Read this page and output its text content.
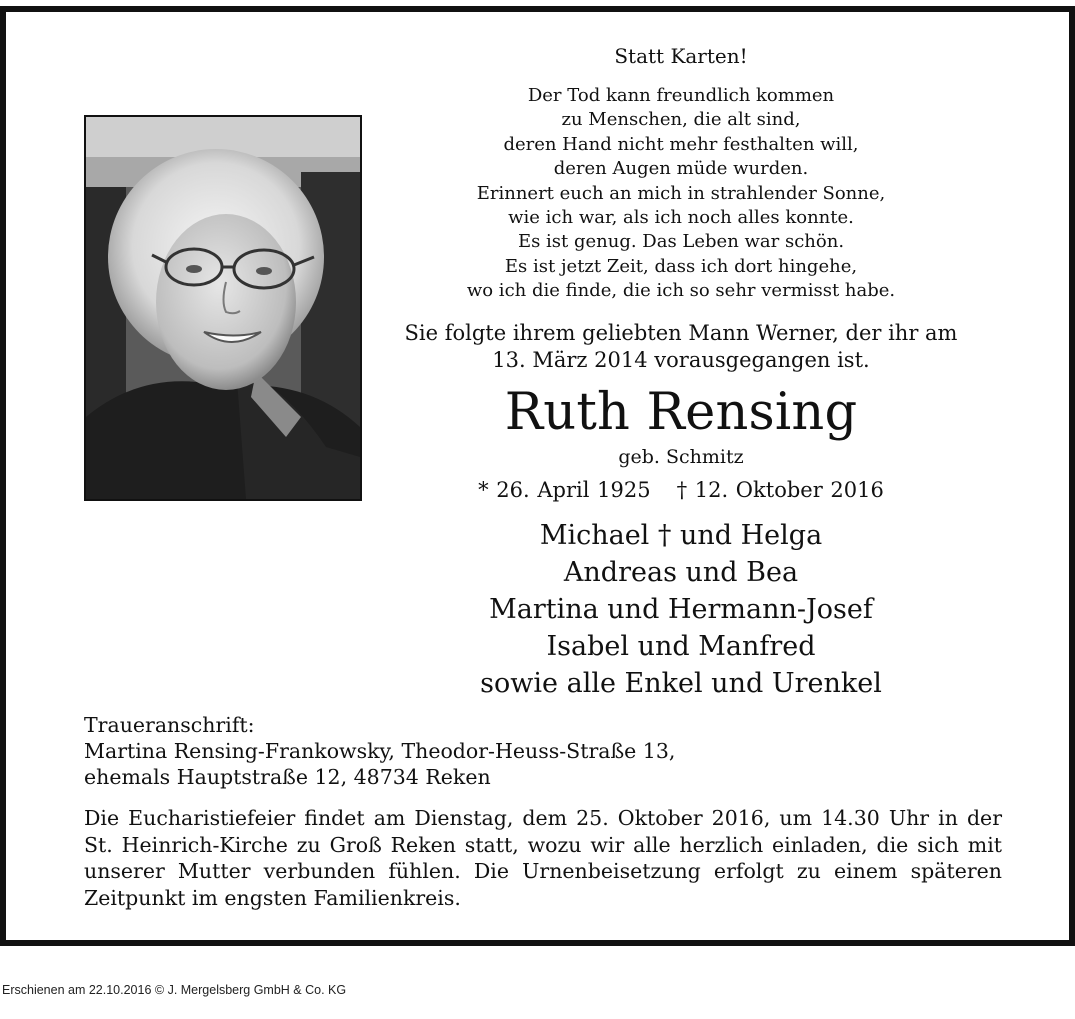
Statt Karten!
Der Tod kann freundlich kommen
zu Menschen, die alt sind,
deren Hand nicht mehr festhalten will,
deren Augen müde wurden.
Erinnert euch an mich in strahlender Sonne,
wie ich war, als ich noch alles konnte.
Es ist genug. Das Leben war schön.
Es ist jetzt Zeit, dass ich dort hingehe,
wo ich die finde, die ich so sehr vermisst habe.
Sie folgte ihrem geliebten Mann Werner, der ihr am
13. März 2014 vorausgegangen ist.
Ruth Rensing
geb. Schmitz
* 26. April 1925 † 12. Oktober 2016
Michael † und Helga
Andreas und Bea
Martina und Hermann-Josef
Isabel und Manfred
sowie alle Enkel und Urenkel
Traueranschrift:
Martina Rensing-Frankowsky, Theodor-Heuss-Straße 13,
ehemals Hauptstraße 12, 48734 Reken
Die Eucharistiefeier findet am Dienstag, dem 25. Oktober 2016, um 14.30 Uhr in der St. Heinrich-Kirche zu Groß Reken statt, wozu wir alle herzlich einladen, die sich mit unserer Mutter verbunden fühlen. Die Urnenbeisetzung erfolgt zu einem späteren Zeitpunkt im engsten Familienkreis.
Erschienen am 22.10.2016 © J. Mergelsberg GmbH & Co. KG
